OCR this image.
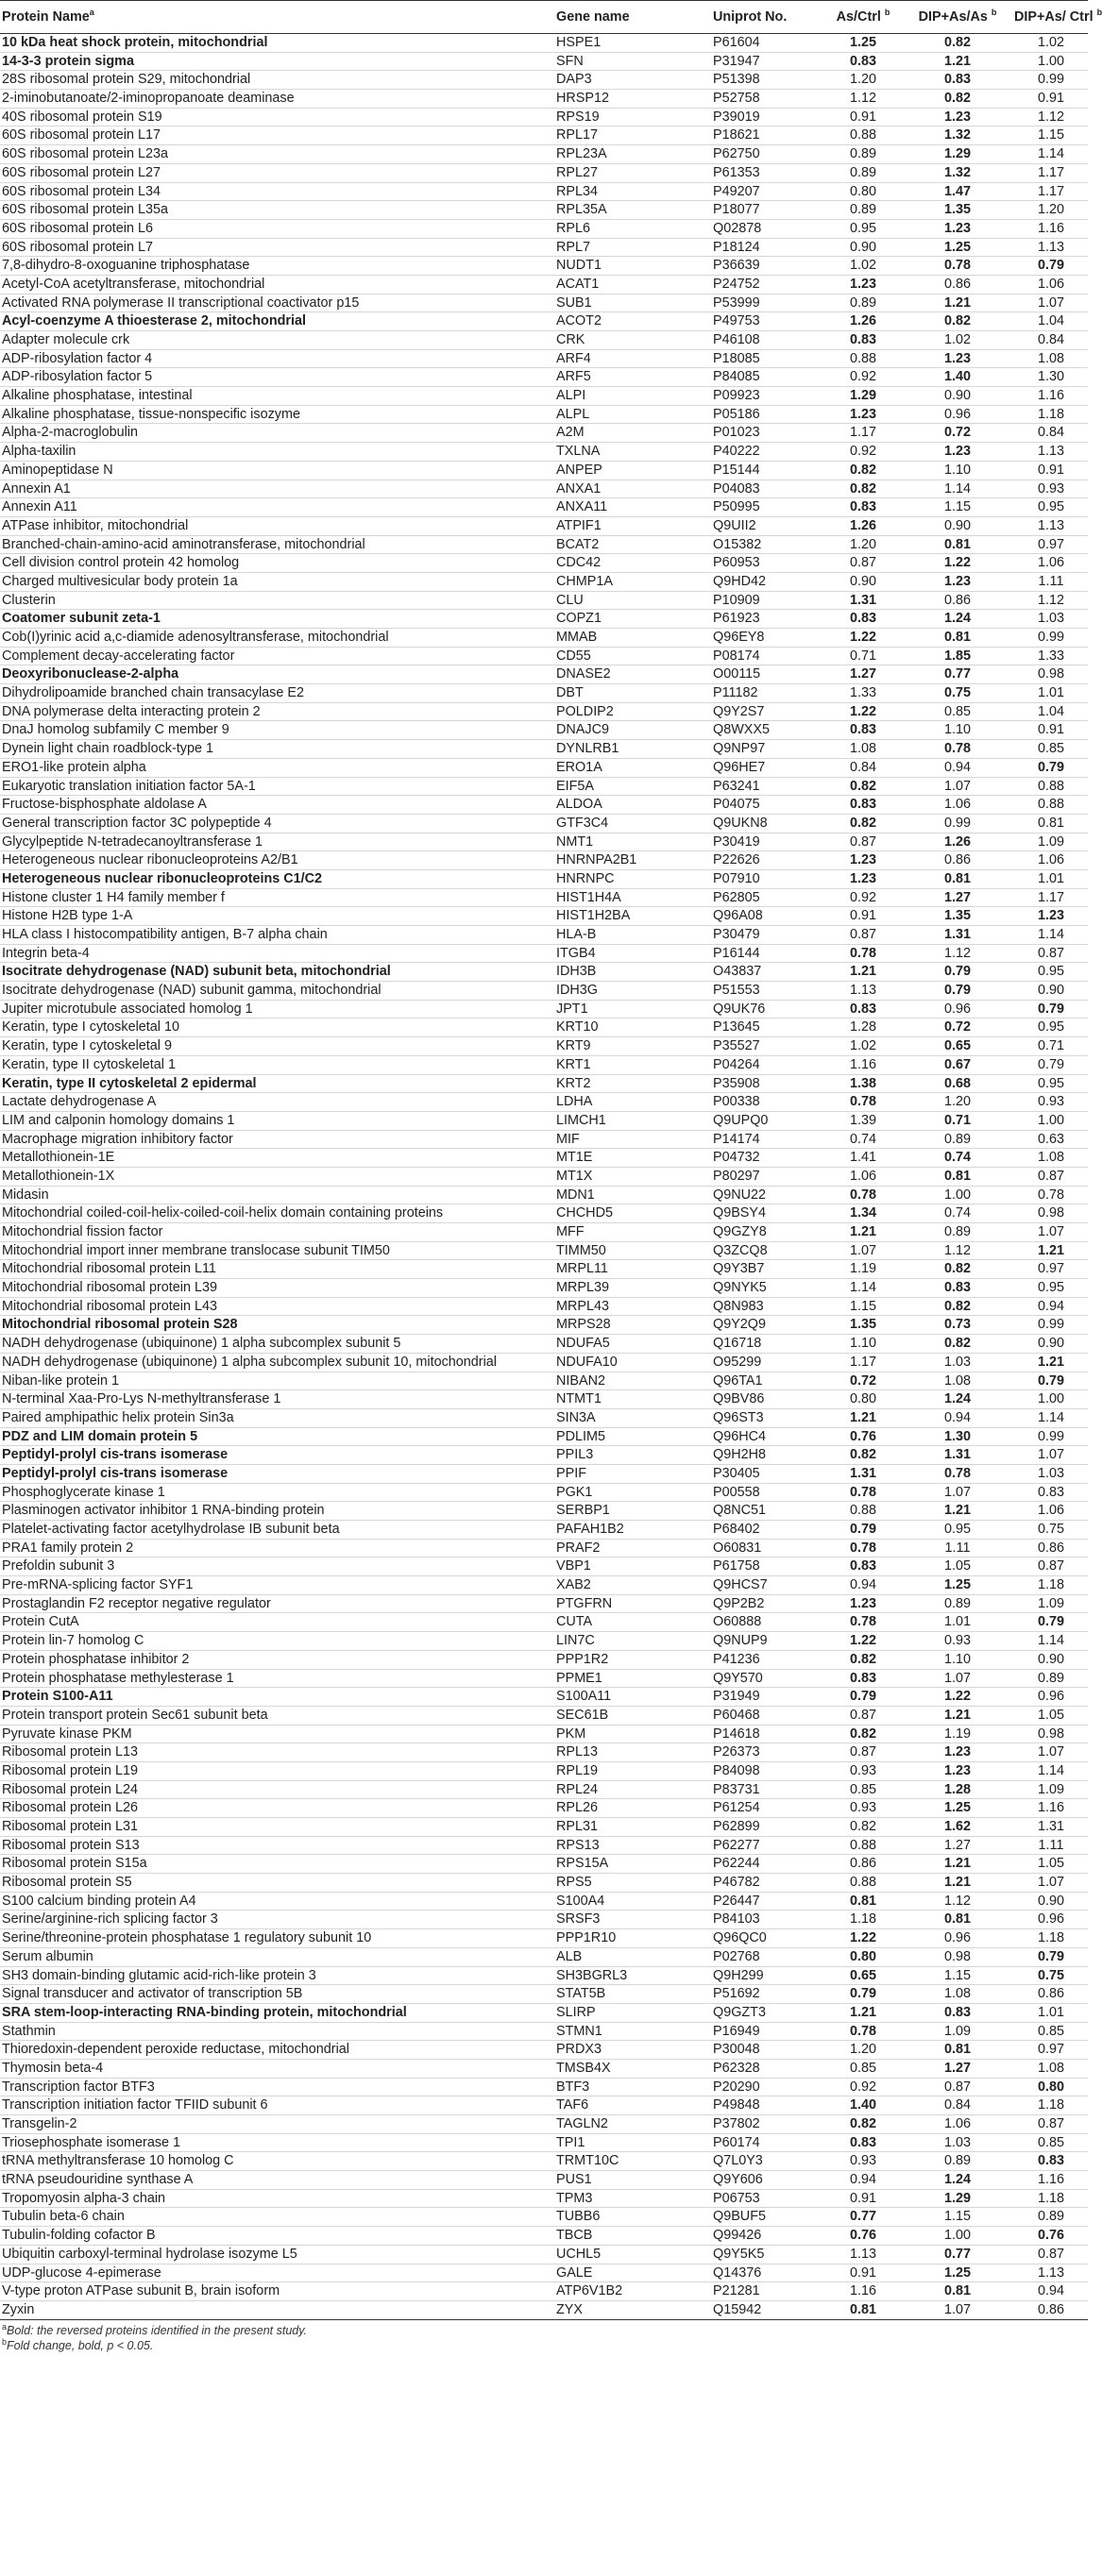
Protein Name$^a$	Gene name	Uniprot No.	As/Ctrl $^b$	DIP+As/As $^b$	DIP+As/ Ctrl $^b$
10 kDa heat shock protein, mitochondrial	HSPE1	P61604	1.25	0.82	1.02
14-3-3 protein sigma	SFN	P31947	0.83	1.21	1.00
28S ribosomal protein S29, mitochondrial	DAP3	P51398	1.20	0.83	0.99
2-iminobutanoate/2-iminopropanoate deaminase	HRSP12	P52758	1.12	0.82	0.91
40S ribosomal protein S19	RPS19	P39019	0.91	1.23	1.12
60S ribosomal protein L17	RPL17	P18621	0.88	1.32	1.15
60S ribosomal protein L23a	RPL23A	P62750	0.89	1.29	1.14
60S ribosomal protein L27	RPL27	P61353	0.89	1.32	1.17
60S ribosomal protein L34	RPL34	P49207	0.80	1.47	1.17
60S ribosomal protein L35a	RPL35A	P18077	0.89	1.35	1.20
60S ribosomal protein L6	RPL6	Q02878	0.95	1.23	1.16
60S ribosomal protein L7	RPL7	P18124	0.90	1.25	1.13
7,8-dihydro-8-oxoguanine triphosphatase	NUDT1	P36639	1.02	0.78	0.79
Acetyl-CoA acetyltransferase, mitochondrial	ACAT1	P24752	1.23	0.86	1.06
Activated RNA polymerase II transcriptional coactivator p15	SUB1	P53999	0.89	1.21	1.07
Acyl-coenzyme A thioesterase 2, mitochondrial	ACOT2	P49753	1.26	0.82	1.04
Adapter molecule crk	CRK	P46108	0.83	1.02	0.84
ADP-ribosylation factor 4	ARF4	P18085	0.88	1.23	1.08
ADP-ribosylation factor 5	ARF5	P84085	0.92	1.40	1.30
Alkaline phosphatase, intestinal	ALPI	P09923	1.29	0.90	1.16
Alkaline phosphatase, tissue-nonspecific isozyme	ALPL	P05186	1.23	0.96	1.18
Alpha-2-macroglobulin	A2M	P01023	1.17	0.72	0.84
Alpha-taxilin	TXLNA	P40222	0.92	1.23	1.13
Aminopeptidase N	ANPEP	P15144	0.82	1.10	0.91
Annexin A1	ANXA1	P04083	0.82	1.14	0.93
Annexin A11	ANXA11	P50995	0.83	1.15	0.95
ATPase inhibitor, mitochondrial	ATPIF1	Q9UII2	1.26	0.90	1.13
Branched-chain-amino-acid aminotransferase, mitochondrial	BCAT2	O15382	1.20	0.81	0.97
Cell division control protein 42 homolog	CDC42	P60953	0.87	1.22	1.06
Charged multivesicular body protein 1a	CHMP1A	Q9HD42	0.90	1.23	1.11
Clusterin	CLU	P10909	1.31	0.86	1.12
Coatomer subunit zeta-1	COPZ1	P61923	0.83	1.24	1.03
Cob(I)yrinic acid a,c-diamide adenosyltransferase, mitochondrial	MMAB	Q96EY8	1.22	0.81	0.99
Complement decay-accelerating factor	CD55	P08174	0.71	1.85	1.33
Deoxyribonuclease-2-alpha	DNASE2	O00115	1.27	0.77	0.98
Dihydrolipoamide branched chain transacylase E2	DBT	P11182	1.33	0.75	1.01
DNA polymerase delta interacting protein 2	POLDIP2	Q9Y2S7	1.22	0.85	1.04
DnaJ homolog subfamily C member 9	DNAJC9	Q8WXX5	0.83	1.10	0.91
Dynein light chain roadblock-type 1	DYNLRB1	Q9NP97	1.08	0.78	0.85
ERO1-like protein alpha	ERO1A	Q96HE7	0.84	0.94	0.79
Eukaryotic translation initiation factor 5A-1	EIF5A	P63241	0.82	1.07	0.88
Fructose-bisphosphate aldolase A	ALDOA	P04075	0.83	1.06	0.88
General transcription factor 3C polypeptide 4	GTF3C4	Q9UKN8	0.82	0.99	0.81
Glycylpeptide N-tetradecanoyltransferase 1	NMT1	P30419	0.87	1.26	1.09
Heterogeneous nuclear ribonucleoproteins A2/B1	HNRNPA2B1	P22626	1.23	0.86	1.06
Heterogeneous nuclear ribonucleoproteins C1/C2	HNRNPC	P07910	1.23	0.81	1.01
Histone cluster 1 H4 family member f	HIST1H4A	P62805	0.92	1.27	1.17
Histone H2B type 1-A	HIST1H2BA	Q96A08	0.91	1.35	1.23
HLA class I histocompatibility antigen, B-7 alpha chain	HLA-B	P30479	0.87	1.31	1.14
Integrin beta-4	ITGB4	P16144	0.78	1.12	0.87
Isocitrate dehydrogenase (NAD) subunit beta, mitochondrial	IDH3B	O43837	1.21	0.79	0.95
Isocitrate dehydrogenase (NAD) subunit gamma, mitochondrial	IDH3G	P51553	1.13	0.79	0.90
Jupiter microtubule associated homolog 1	JPT1	Q9UK76	0.83	0.96	0.79
Keratin, type I cytoskeletal 10	KRT10	P13645	1.28	0.72	0.95
Keratin, type I cytoskeletal 9	KRT9	P35527	1.02	0.65	0.71
Keratin, type II cytoskeletal 1	KRT1	P04264	1.16	0.67	0.79
Keratin, type II cytoskeletal 2 epidermal	KRT2	P35908	1.38	0.68	0.95
Lactate dehydrogenase A	LDHA	P00338	0.78	1.20	0.93
LIM and calponin homology domains 1	LIMCH1	Q9UPQ0	1.39	0.71	1.00
Macrophage migration inhibitory factor	MIF	P14174	0.74	0.89	0.63
Metallothionein-1E	MT1E	P04732	1.41	0.74	1.08
Metallothionein-1X	MT1X	P80297	1.06	0.81	0.87
Midasin	MDN1	Q9NU22	0.78	1.00	0.78
Mitochondrial coiled-coil-helix-coiled-coil-helix domain containing proteins	CHCHD5	Q9BSY4	1.34	0.74	0.98
Mitochondrial fission factor	MFF	Q9GZY8	1.21	0.89	1.07
Mitochondrial import inner membrane translocase subunit TIM50	TIMM50	Q3ZCQ8	1.07	1.12	1.21
Mitochondrial ribosomal protein L11	MRPL11	Q9Y3B7	1.19	0.82	0.97
Mitochondrial ribosomal protein L39	MRPL39	Q9NYK5	1.14	0.83	0.95
Mitochondrial ribosomal protein L43	MRPL43	Q8N983	1.15	0.82	0.94
Mitochondrial ribosomal protein S28	MRPS28	Q9Y2Q9	1.35	0.73	0.99
NADH dehydrogenase (ubiquinone) 1 alpha subcomplex subunit 5	NDUFA5	Q16718	1.10	0.82	0.90
NADH dehydrogenase (ubiquinone) 1 alpha subcomplex subunit 10, mitochondrial	NDUFA10	O95299	1.17	1.03	1.21
Niban-like protein 1	NIBAN2	Q96TA1	0.72	1.08	0.79
N-terminal Xaa-Pro-Lys N-methyltransferase 1	NTMT1	Q9BV86	0.80	1.24	1.00
Paired amphipathic helix protein Sin3a	SIN3A	Q96ST3	1.21	0.94	1.14
PDZ and LIM domain protein 5	PDLIM5	Q96HC4	0.76	1.30	0.99
Peptidyl-prolyl cis-trans isomerase	PPIL3	Q9H2H8	0.82	1.31	1.07
Peptidyl-prolyl cis-trans isomerase	PPIF	P30405	1.31	0.78	1.03
Phosphoglycerate kinase 1	PGK1	P00558	0.78	1.07	0.83
Plasminogen activator inhibitor 1 RNA-binding protein	SERBP1	Q8NC51	0.88	1.21	1.06
Platelet-activating factor acetylhydrolase IB subunit beta	PAFAH1B2	P68402	0.79	0.95	0.75
PRA1 family protein 2	PRAF2	O60831	0.78	1.11	0.86
Prefoldin subunit 3	VBP1	P61758	0.83	1.05	0.87
Pre-mRNA-splicing factor SYF1	XAB2	Q9HCS7	0.94	1.25	1.18
Prostaglandin F2 receptor negative regulator	PTGFRN	Q9P2B2	1.23	0.89	1.09
Protein CutA	CUTA	O60888	0.78	1.01	0.79
Protein lin-7 homolog C	LIN7C	Q9NUP9	1.22	0.93	1.14
Protein phosphatase inhibitor 2	PPP1R2	P41236	0.82	1.10	0.90
Protein phosphatase methylesterase 1	PPME1	Q9Y570	0.83	1.07	0.89
Protein S100-A11	S100A11	P31949	0.79	1.22	0.96
Protein transport protein Sec61 subunit beta	SEC61B	P60468	0.87	1.21	1.05
Pyruvate kinase PKM	PKM	P14618	0.82	1.19	0.98
Ribosomal protein L13	RPL13	P26373	0.87	1.23	1.07
Ribosomal protein L19	RPL19	P84098	0.93	1.23	1.14
Ribosomal protein L24	RPL24	P83731	0.85	1.28	1.09
Ribosomal protein L26	RPL26	P61254	0.93	1.25	1.16
Ribosomal protein L31	RPL31	P62899	0.82	1.62	1.31
Ribosomal protein S13	RPS13	P62277	0.88	1.27	1.11
Ribosomal protein S15a	RPS15A	P62244	0.86	1.21	1.05
Ribosomal protein S5	RPS5	P46782	0.88	1.21	1.07
S100 calcium binding protein A4	S100A4	P26447	0.81	1.12	0.90
Serine/arginine-rich splicing factor 3	SRSF3	P84103	1.18	0.81	0.96
Serine/threonine-protein phosphatase 1 regulatory subunit 10	PPP1R10	Q96QC0	1.22	0.96	1.18
Serum albumin	ALB	P02768	0.80	0.98	0.79
SH3 domain-binding glutamic acid-rich-like protein 3	SH3BGRL3	Q9H299	0.65	1.15	0.75
Signal transducer and activator of transcription 5B	STAT5B	P51692	0.79	1.08	0.86
SRA stem-loop-interacting RNA-binding protein, mitochondrial	SLIRP	Q9GZT3	1.21	0.83	1.01
Stathmin	STMN1	P16949	0.78	1.09	0.85
Thioredoxin-dependent peroxide reductase, mitochondrial	PRDX3	P30048	1.20	0.81	0.97
Thymosin beta-4	TMSB4X	P62328	0.85	1.27	1.08
Transcription factor BTF3	BTF3	P20290	0.92	0.87	0.80
Transcription initiation factor TFIID subunit 6	TAF6	P49848	1.40	0.84	1.18
Transgelin-2	TAGLN2	P37802	0.82	1.06	0.87
Triosephosphate isomerase 1	TPI1	P60174	0.83	1.03	0.85
tRNA methyltransferase 10 homolog C	TRMT10C	Q7L0Y3	0.93	0.89	0.83
tRNA pseudouridine synthase A	PUS1	Q9Y606	0.94	1.24	1.16
Tropomyosin alpha-3 chain	TPM3	P06753	0.91	1.29	1.18
Tubulin beta-6 chain	TUBB6	Q9BUF5	0.77	1.15	0.89
Tubulin-folding cofactor B	TBCB	Q99426	0.76	1.00	0.76
Ubiquitin carboxyl-terminal hydrolase isozyme L5	UCHL5	Q9Y5K5	1.13	0.77	0.87
UDP-glucose 4-epimerase	GALE	Q14376	0.91	1.25	1.13
V-type proton ATPase subunit B, brain isoform	ATP6V1B2	P21281	1.16	0.81	0.94
Zyxin	ZYX	Q15942	0.81	1.07	0.86
$^a$Bold: the reversed proteins identified in the present study.
$^b$Fold change, bold, p < 0.05.
